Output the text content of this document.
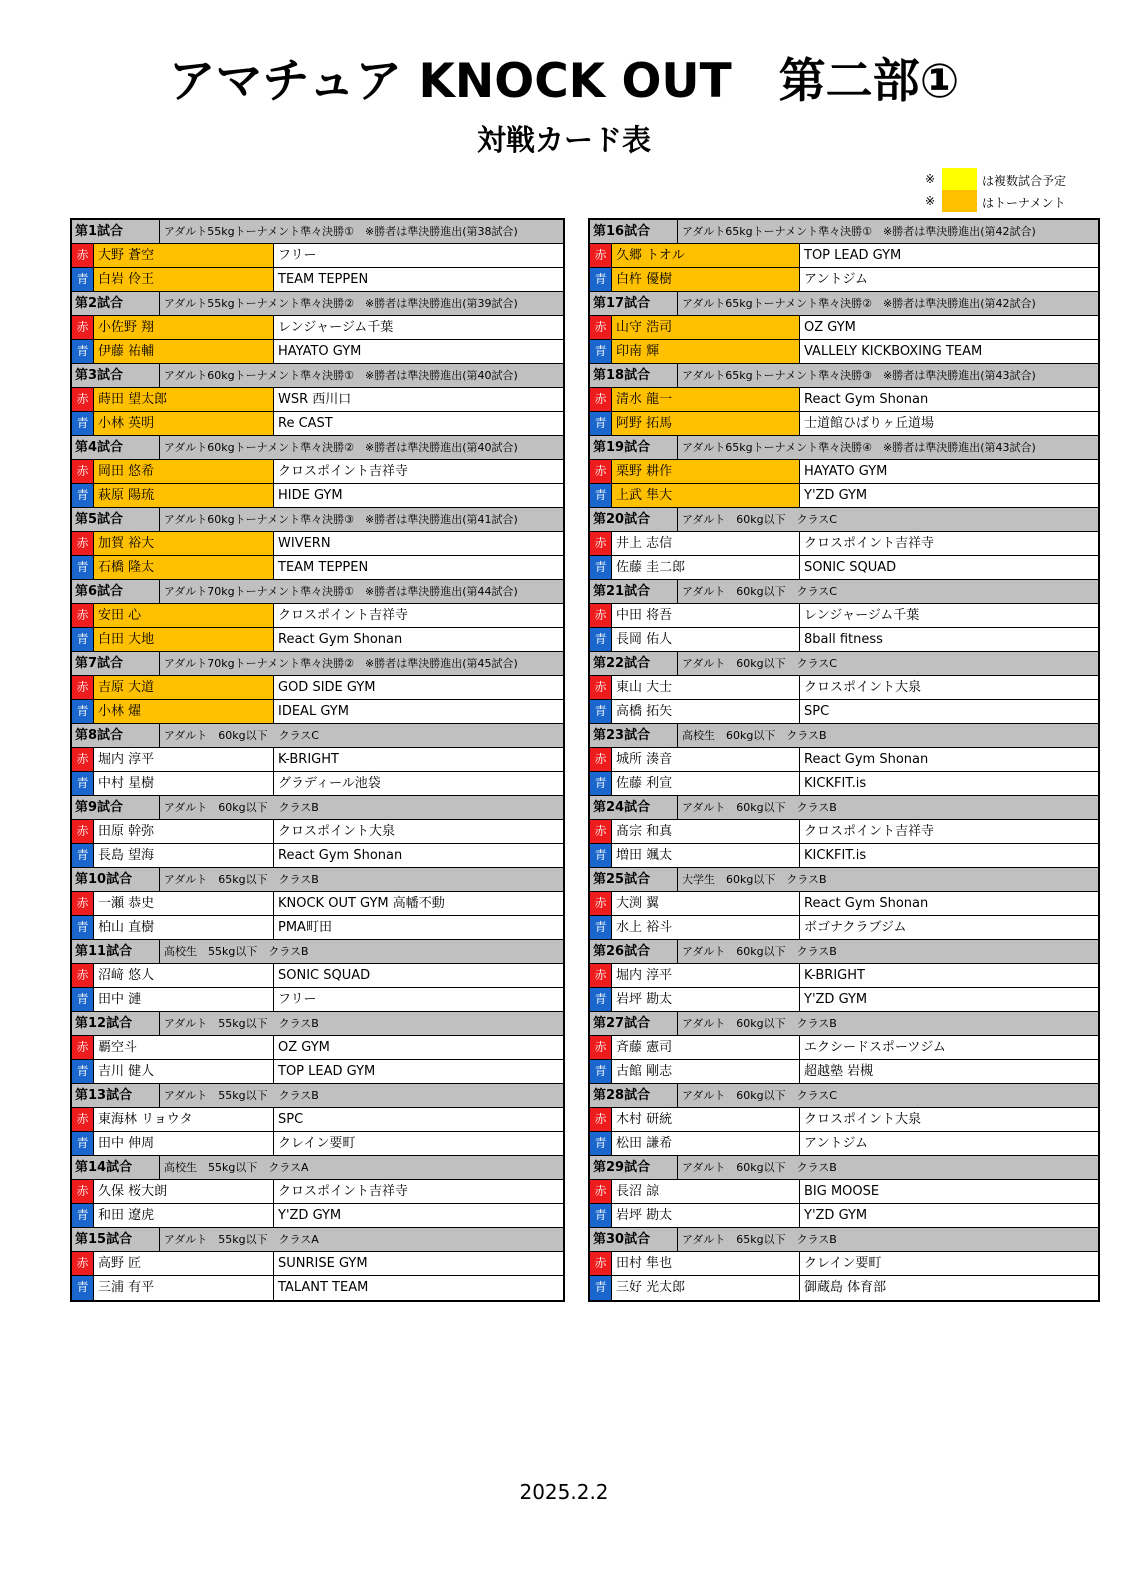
アマチュア KNOCK OUT　第二部①
対戦カード表
※	は複数試合予定
※	はトーナメント
第1試合	アダルト55kgトーナメント準々決勝①　※勝者は準決勝進出(第38試合)
赤 大野 蒼空	フリー
青 白岩 伶王	TEAM TEPPEN
第2試合	アダルト55kgトーナメント準々決勝②　※勝者は準決勝進出(第39試合)
赤 小佐野 翔	レンジャージム千葉
青 伊藤 祐輔	HAYATO GYM
第3試合	アダルト60kgトーナメント準々決勝①　※勝者は準決勝進出(第40試合)
赤 蒔田 望太郎	WSR 西川口
青 小林 英明	Re CAST
第4試合	アダルト60kgトーナメント準々決勝②　※勝者は準決勝進出(第40試合)
赤 岡田 悠希	クロスポイント吉祥寺
青 萩原 陽琉	HIDE GYM
第5試合	アダルト60kgトーナメント準々決勝③　※勝者は準決勝進出(第41試合)
赤 加賀 裕大	WIVERN
青 石橋 隆太	TEAM TEPPEN
第6試合	アダルト70kgトーナメント準々決勝①　※勝者は準決勝進出(第44試合)
赤 安田 心	クロスポイント吉祥寺
青 白田 大地	React Gym Shonan
第7試合	アダルト70kgトーナメント準々決勝②　※勝者は準決勝進出(第45試合)
赤 吉原 大道	GOD SIDE GYM
青 小林 燿	IDEAL GYM
第8試合	アダルト　60kg以下　クラスC
赤 堀内 淳平	K-BRIGHT
青 中村 星樹	グラディール池袋
第9試合	アダルト　60kg以下　クラスB
赤 田原 幹弥	クロスポイント大泉
青 長島 望海	React Gym Shonan
第10試合	アダルト　65kg以下　クラスB
赤 一瀬 恭史	KNOCK OUT GYM 高幡不動
青 柏山 直樹	PMA町田
第11試合	高校生　55kg以下　クラスB
赤 沼﨑 悠人	SONIC SQUAD
青 田中 漣	フリー
第12試合	アダルト　55kg以下　クラスB
赤 覇空斗	OZ GYM
青 吉川 健人	TOP LEAD GYM
第13試合	アダルト　55kg以下　クラスB
赤 東海林 リョウタ	SPC
青 田中 伸周	クレイン要町
第14試合	高校生　55kg以下　クラスA
赤 久保 桜大朗	クロスポイント吉祥寺
青 和田 遼虎	Y'ZD GYM
第15試合	アダルト　55kg以下　クラスA
赤 高野 匠	SUNRISE GYM
青 三浦 有平	TALANT TEAM
第16試合	アダルト65kgトーナメント準々決勝①　※勝者は準決勝進出(第42試合)
赤 久郷 トオル	TOP LEAD GYM
青 白杵 優樹	アントジム
第17試合	アダルト65kgトーナメント準々決勝②　※勝者は準決勝進出(第42試合)
赤 山守 浩司	OZ GYM
青 印南 輝	VALLELY KICKBOXING TEAM
第18試合	アダルト65kgトーナメント準々決勝③　※勝者は準決勝進出(第43試合)
赤 清水 龍一	React Gym Shonan
青 阿野 拓馬	士道館ひばりヶ丘道場
第19試合	アダルト65kgトーナメント準々決勝④　※勝者は準決勝進出(第43試合)
赤 栗野 耕作	HAYATO GYM
青 上武 隼大	Y'ZD GYM
第20試合	アダルト　60kg以下　クラスC
赤 井上 志信	クロスポイント吉祥寺
青 佐藤 圭二郎	SONIC SQUAD
第21試合	アダルト　60kg以下　クラスC
赤 中田 将吾	レンジャージム千葉
青 長岡 佑人	8ball fitness
第22試合	アダルト　60kg以下　クラスC
赤 東山 大士	クロスポイント大泉
青 高橋 拓矢	SPC
第23試合	高校生　60kg以下　クラスB
赤 城所 湊音	React Gym Shonan
青 佐藤 利宣	KICKFIT.is
第24試合	アダルト　60kg以下　クラスB
赤 髙宗 和真	クロスポイント吉祥寺
青 増田 颯太	KICKFIT.is
第25試合	大学生　60kg以下　クラスB
赤 大渕 翼	React Gym Shonan
青 水上 裕斗	ボゴナクラブジム
第26試合	アダルト　60kg以下　クラスB
赤 堀内 淳平	K-BRIGHT
青 岩坪 勘太	Y'ZD GYM
第27試合	アダルト　60kg以下　クラスB
赤 斉藤 憲司	エクシードスポーツジム
青 古館 剛志	超越塾 岩槻
第28試合	アダルト　60kg以下　クラスC
赤 木村 研統	クロスポイント大泉
青 松田 謙希	アントジム
第29試合	アダルト　60kg以下　クラスB
赤 長沼 諒	BIG MOOSE
青 岩坪 勘太	Y'ZD GYM
第30試合	アダルト　65kg以下　クラスB
赤 田村 隼也	クレイン要町
青 三好 光太郎	御蔵島 体育部
2025.2.2
